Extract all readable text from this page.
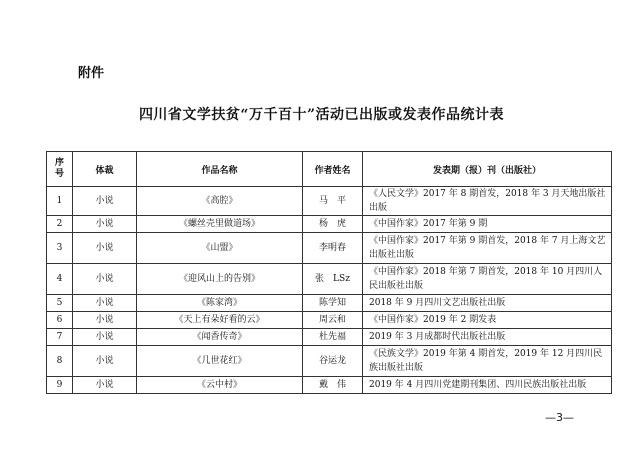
附件
四川省文学扶贫“万千百十”活动已出版或发表作品统计表
序
号	体裁	作品名称	作者姓名	发表期（报）刊（出版社）
1	小说	《高腔》	马　平	《人民文学》2017 年 8 期首发，2018 年 3 月天地出版社出版
2	小说	《螺丝壳里做道场》	杨　虎	《中国作家》2017 年第 9 期
3	小说	《山盟》	李明春	《中国作家》2017 年第 9 期首发，2018 年 7 月上海文艺出版社出版
4	小说	《迎风山上的告别》	张　LSz	《中国作家》2018 年第 7 期首发，2018 年 10 月四川人民出版社出版
5	小说	《陈家湾》	陈学知	2018 年 9 月四川文艺出版社出版
6	小说	《天上有朵好看的云》	周云和	《中国作家》2019 年 2 期发表
7	小说	《闻香传奇》	杜先福	2019 年 3 月成都时代出版社出版
8	小说	《几世花红》	谷运龙	《民族文学》2019 年第 4 期首发，2019 年 12 月四川民族出版社出版
9	小说	《云中村》	戴　伟	2019 年 4 月四川党建期刊集团、四川民族出版社出版
—3—
